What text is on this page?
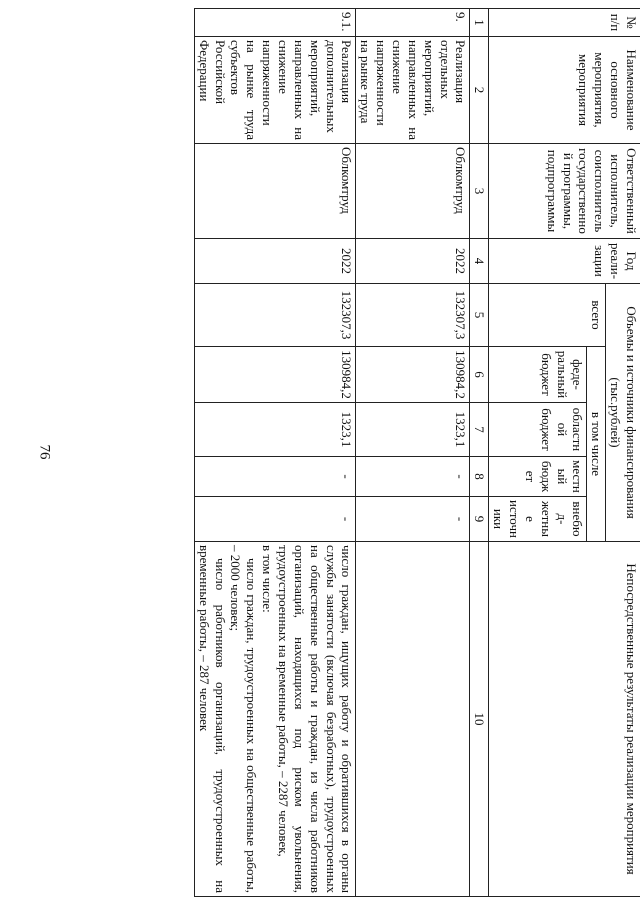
76
№ п/п	Наименование основного мероприятия, мероприятия	Ответственный исполнитель, соисполнитель государственной программы, подпрограммы	Год реали-зации	Объемы и источники финансирования (тыс.рублей)					Непосредственные результаты реализации мероприятия
				всего	в том числе				
					феде-ральный бюджет	областной бюджет	местный бюджет	внебюд-жетные источники	
1	2	3	4	5	6	7	8	9	10
9.	Реализация отдельных мероприятий, направленных на снижение напряженности на рынке труда	Облкомтруд	2022	132307,3	130984,2	1323,1	-	-	
9.1.	Реализация дополнительных мероприятий, направленных на снижение напряженности на рынке труда субъектов Российской Федерации	Облкомтруд	2022	132307,3	130984,2	1323,1	-	-	число граждан, ищущих работу и обратившихся в органы службы занятости (включая безработных), трудоустроенных на общественные работы и граждан, из числа работников организаций, находящихся под риском увольнения, трудоустроенных на временные работы, – 2287 человек,
в том числе:
число граждан, трудоустроенных на общественные работы, – 2000 человек;
число работников организаций, трудоустроенных на временные работы, – 287 человек
